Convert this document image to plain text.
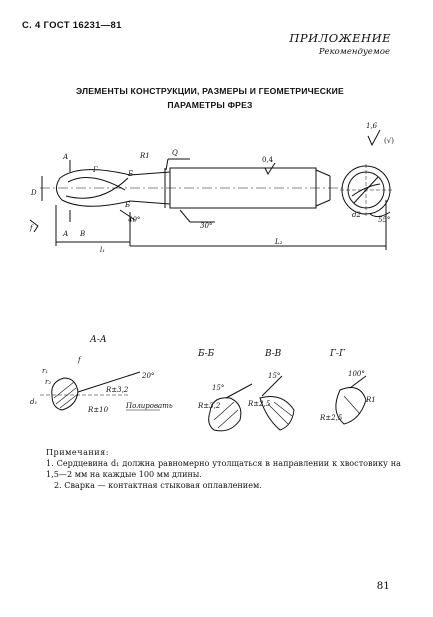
С. 4 ГОСТ 16231—81
ПРИЛОЖЕНИЕ
Рекомендуемое
ЭЛЕМЕНТЫ КОНСТРУКЦИИ, РАЗМЕРЫ И ГЕОМЕТРИЧЕСКИЕ
ПАРАМЕТРЫ ФРЕЗ
1,6
(√)
А
А
Г
В
Б
Б
R1	Q
0,4
40°
30°
D
l₁
L₂
f
d2
55°
f
r₁
r₂
d₁
20°
R±3,2
R±10	Полировать
15°
R±3,2
15°
R±2,5
100°
R1
R±2,5
А-А
Б-Б	В-В	Г-Г

Примечания:

1. Сердцевина d₁ должна равномерно утолщаться в направлении к хвостовику на 1,5—2 мм на каждые 100 мм длины.

2. Сварка — контактная стыковая оплавлением.

81
